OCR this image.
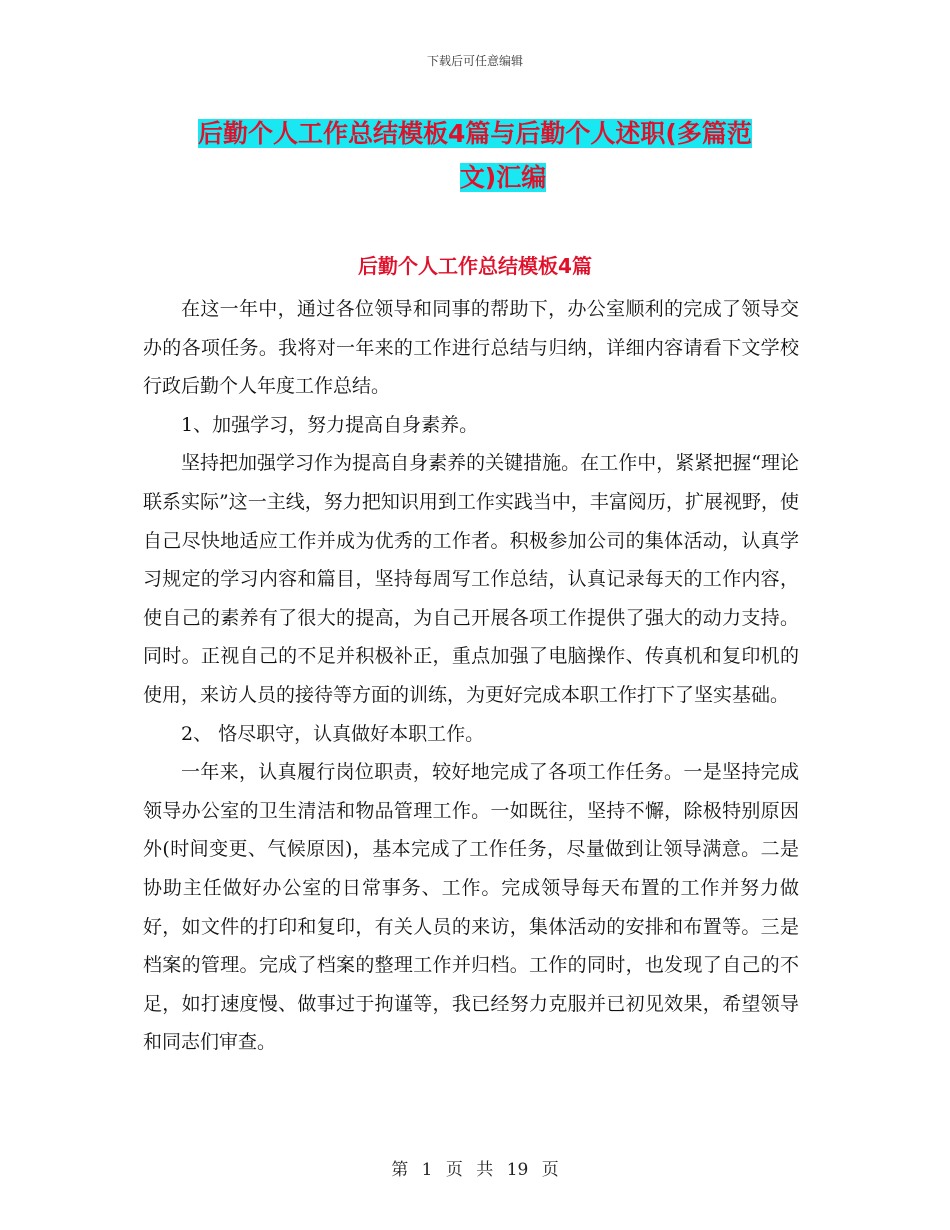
下载后可任意编辑
后勤个人工作总结模板4篇与后勤个人述职(多篇范

文)汇编
后勤个人工作总结模板4篇

在这一年中，通过各位领导和同事的帮助下，办公室顺利的完成了领导交办的各项任务。我将对一年来的工作进行总结与归纳，详细内容请看下文学校行政后勤个人年度工作总结。

1、加强学习，努力提高自身素养。

坚持把加强学习作为提高自身素养的关键措施。在工作中，紧紧把握“理论联系实际”这一主线，努力把知识用到工作实践当中，丰富阅历，扩展视野，使自己尽快地适应工作并成为优秀的工作者。积极参加公司的集体活动，认真学习规定的学习内容和篇目，坚持每周写工作总结，认真记录每天的工作内容，使自己的素养有了很大的提高，为自己开展各项工作提供了强大的动力支持。同时。正视自己的不足并积极补正，重点加强了电脑操作、传真机和复印机的使用，来访人员的接待等方面的训练，为更好完成本职工作打下了坚实基础。

2、 恪尽职守，认真做好本职工作。

一年来，认真履行岗位职责，较好地完成了各项工作任务。一是坚持完成领导办公室的卫生清洁和物品管理工作。一如既往，坚持不懈，除极特别原因外(时间变更、气候原因)，基本完成了工作任务，尽量做到让领导满意。二是协助主任做好办公室的日常事务、工作。完成领导每天布置的工作并努力做好，如文件的打印和复印，有关人员的来访，集体活动的安排和布置等。三是档案的管理。完成了档案的整理工作并归档。工作的同时，也发现了自己的不足，如打速度慢、做事过于拘谨等，我已经努力克服并已初见效果，希望领导和同志们审查。

第 1 页 共 19 页
